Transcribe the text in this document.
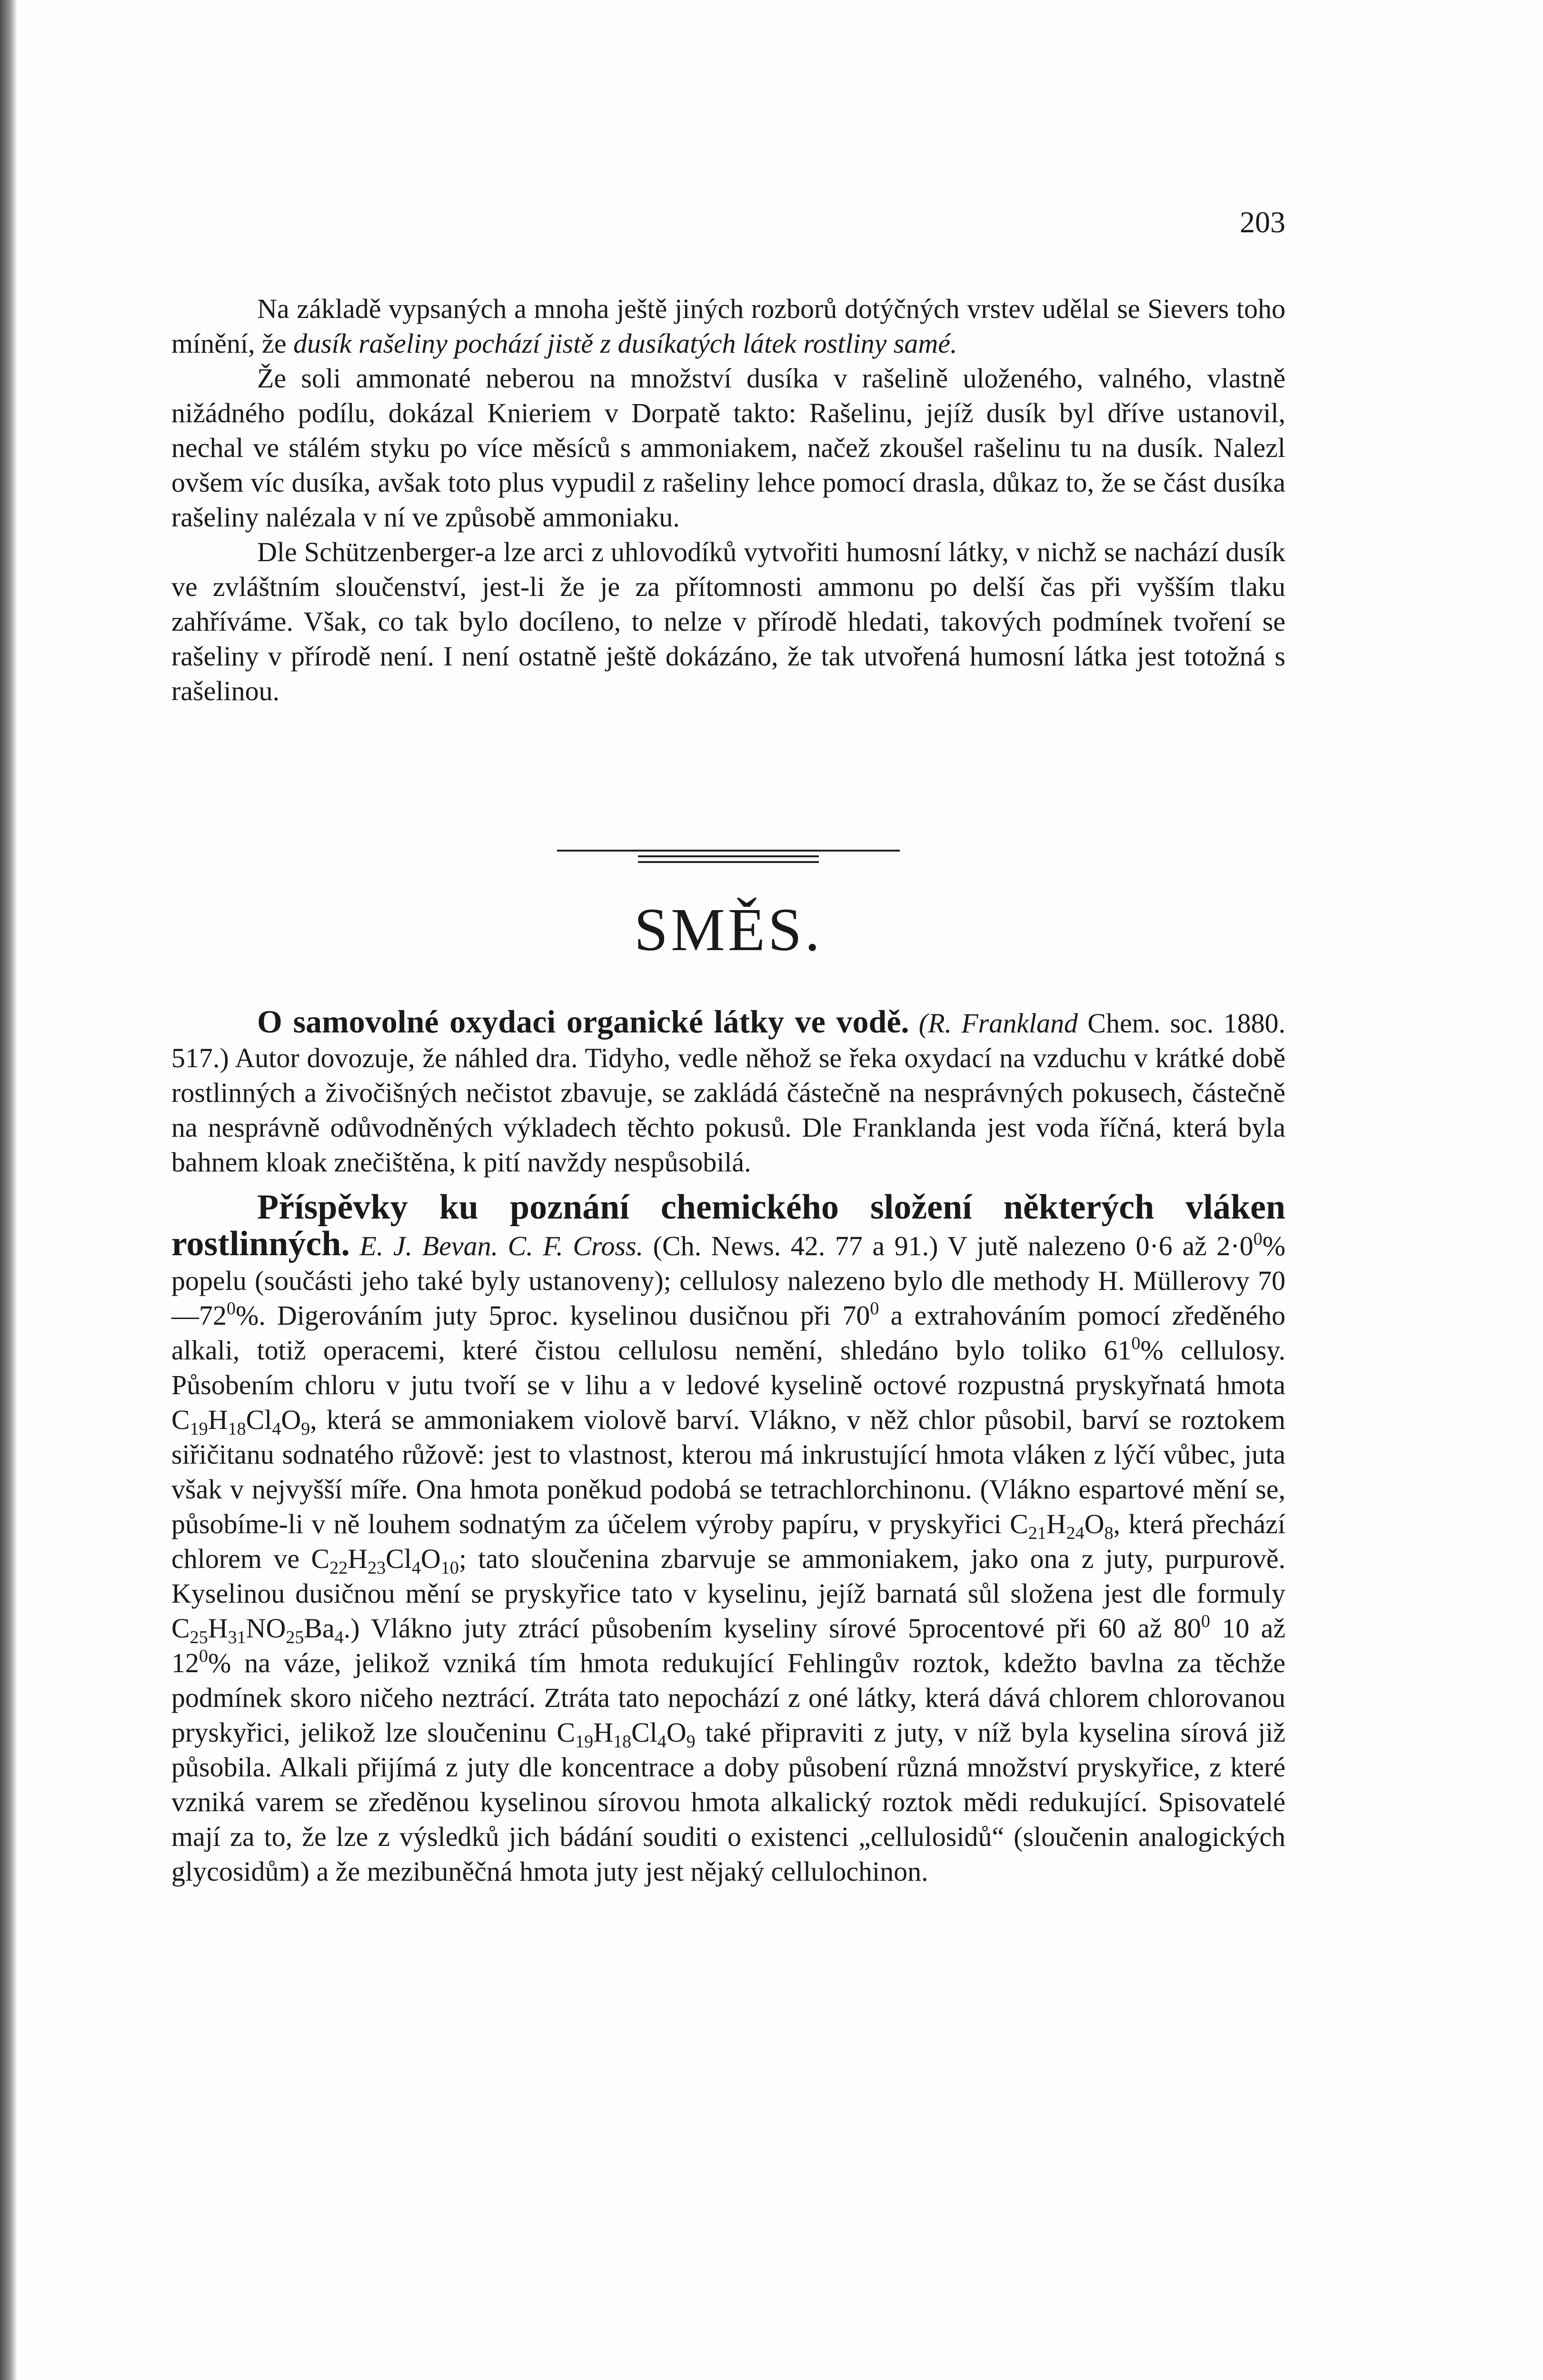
203

Na základě vypsaných a mnoha ještě jiných rozborů dotýčných vrstev udělal se Sievers toho mínění, že dusík rašeliny pochází jistě z dusíkatých látek rostliny samé.

Že soli ammonaté neberou na množství dusíka v rašelině uloženého, valného, vlastně nižádného podílu, dokázal Knieriem v Dorpatě takto: Rašelinu, jejíž dusík byl dříve ustanovil, nechal ve stálém styku po více měsíců s ammoniakem, načež zkoušel rašelinu tu na dusík. Nalezl ovšem víc dusíka, avšak toto plus vypudil z rašeliny lehce pomocí drasla, důkaz to, že se část dusíka rašeliny nalézala v ní ve způsobě ammoniaku.

Dle Schützenberger-a lze arci z uhlovodíků vytvořiti humosní látky, v nichž se nachází dusík ve zvláštním sloučenství, jest-li že je za přítomnosti ammonu po delší čas při vyšším tlaku zahříváme. Však, co tak bylo docíleno, to nelze v přírodě hledati, takových podmínek tvoření se rašeliny v přírodě není. I není ostatně ještě dokázáno, že tak utvořená humosní látka jest totožná s rašelinou.

SMĚS.

O samovolné oxydaci organické látky ve vodě. (R. Frankland Chem. soc. 1880. 517.) Autor dovozuje, že náhled dra. Tidyho, vedle něhož se řeka oxydací na vzduchu v krátké době rostlinných a živočišných nečistot zbavuje, se zakládá částečně na nesprávných pokusech, částečně na nesprávně odůvodněných výkladech těchto pokusů. Dle Franklanda jest voda říčná, která byla bahnem kloak znečištěna, k pití navždy nespůsobilá.

Příspěvky ku poznání chemického složení některých vláken rostlinných. E. J. Bevan. C. F. Cross. (Ch. News. 42. 77 a 91.) V jutě nalezeno 0·6 až $2\cdot 0^0\%$ popelu (součásti jeho také byly ustanoveny); cellulosy nalezeno bylo dle methody H. Müllerovy $70—72^0\%$. Digerováním juty 5proc. kyselinou dusičnou při $70^0$ a extrahováním pomocí zředěného alkali, totiž operacemi, které čistou cellulosu nemění, shledáno bylo toliko $61^0\%$ cellulosy. Působením chloru v jutu tvoří se v lihu a v ledové kyselině octové rozpustná pryskyřnatá hmota $C_{19}H_{18}Cl_4O_9$, která se ammoniakem violově barví. Vlákno, v něž chlor působil, barví se roztokem siřičitanu sodnatého růžově: jest to vlastnost, kterou má inkrustující hmota vláken z lýčí vůbec, juta však v nejvyšší míře. Ona hmota poněkud podobá se tetrachlorchinonu. (Vlákno espartové mění se, působíme-li v ně louhem sodnatým za účelem výroby papíru, v pryskyřici $C_{21}H_{24}O_8$, která přechází chlorem ve $C_{22}H_{23}Cl_4O_{10}$; tato sloučenina zbarvuje se ammoniakem, jako ona z juty, purpurově. Kyselinou dusičnou mění se pryskyřice tato v kyselinu, jejíž barnatá sůl složena jest dle formuly $C_{25}H_{31}NO_{25}Ba_4$.) Vlákno juty ztrácí působením kyseliny sírové 5procentové při 60 až $80^0$ 10 až $12^0\%$ na váze, jelikož vzniká tím hmota redukující Fehlingův roztok, kdežto bavlna za těchže podmínek skoro ničeho neztrácí. Ztráta tato nepochází z oné látky, která dává chlorem chlorovanou pryskyřici, jelikož lze sloučeninu $C_{19}H_{18}Cl_4O_9$ také připraviti z juty, v níž byla kyselina sírová již působila. Alkali přijímá z juty dle koncentrace a doby působení různá množství pryskyřice, z které vzniká varem se zředěnou kyselinou sírovou hmota alkalický roztok mědi redukující. Spisovatelé mají za to, že lze z výsledků jich bádání souditi o existenci „cellulosidů“ (sloučenin analogických glycosidům) a že mezibuněčná hmota juty jest nějaký cellulochinon.
